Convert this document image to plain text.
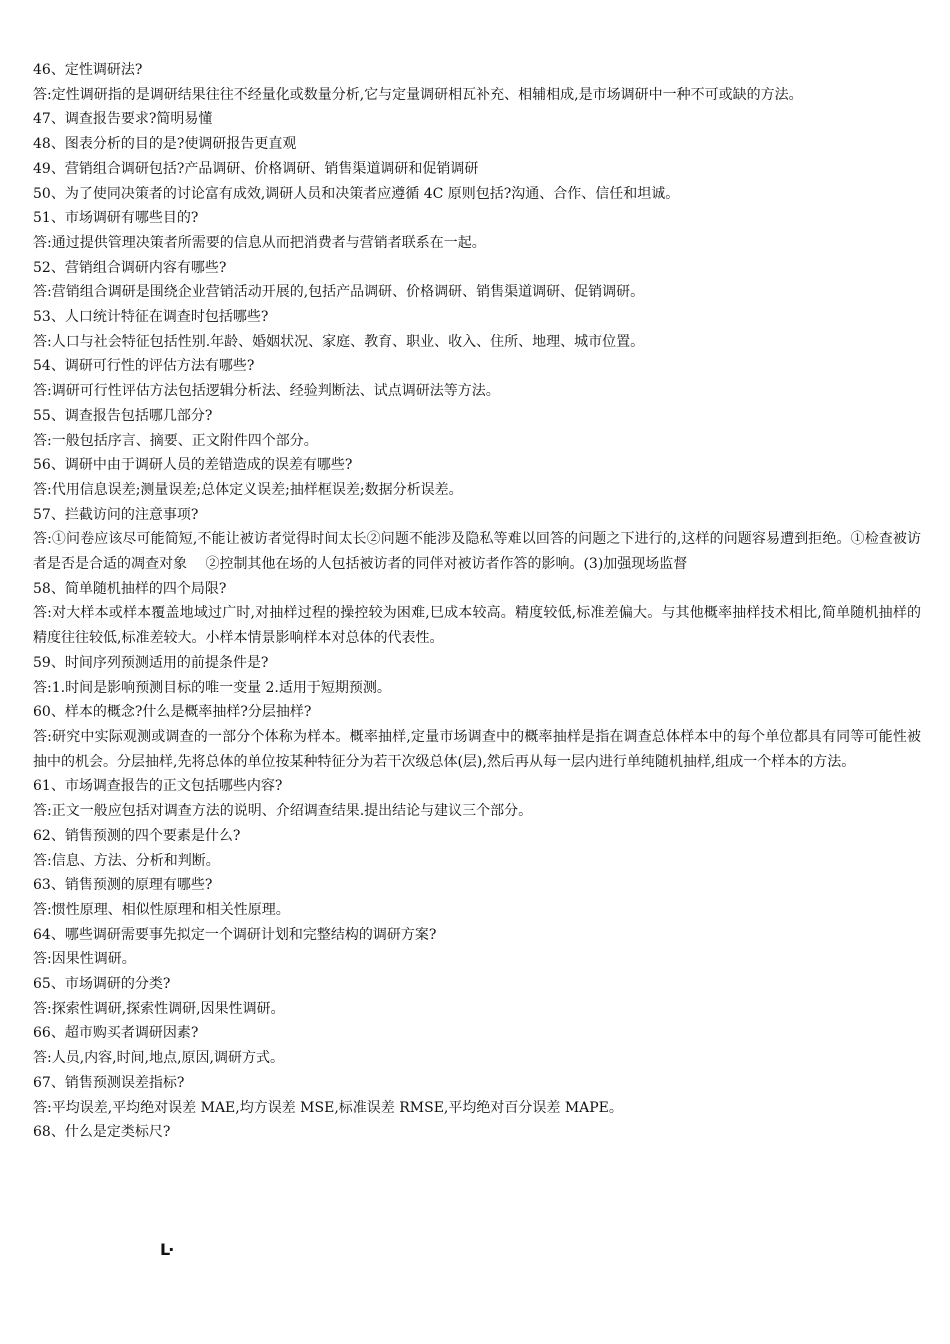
46、定性调研法?

答:定性调研指的是调研结果往往不经量化或数量分析,它与定量调研相瓦补充、相辅相成,是市场调研中一种不可或缺的方法。

47、调查报告要求?简明易懂

48、图表分析的目的是?使调研报告更直观

49、营销组合调研包括?产品调研、价格调研、销售渠道调研和促销调研

50、为了使同决策者的讨论富有成效,调研人员和决策者应遵循 4C 原则包括?沟通、合作、信任和坦诚。

51、市场调研有哪些目的?

答:通过提供管理决策者所需要的信息从而把消费者与营销者联系在一起。

52、营销组合调研内容有哪些?

答:营销组合调研是围绕企业营销活动开展的,包括产品调研、价格调研、销售渠道调研、促销调研。

53、人口统计特征在调查时包括哪些?

答:人口与社会特征包括性别.年龄、婚姻状况、家庭、教育、职业、收入、住所、地理、城市位置。

54、调研可行性的评估方法有哪些?

答:调研可行性评估方法包括逻辑分析法、经验判断法、试点调研法等方法。

55、调查报告包括哪几部分?

答:一般包括序言、摘要、正文附件四个部分。

56、调研中由于调研人员的差错造成的误差有哪些?

答:代用信息误差;测量误差;总体定义误差;抽样框误差;数据分析误差。

57、拦截访问的注意事项?

答:①问卷应该尽可能简短,不能让被访者觉得时间太长②问题不能涉及隐私等难以回答的问题之下进行的,这样的问题容易遭到拒绝。①检查被访者是否是合适的凋查对象　 ②控制其他在场的人包括被访者的同伴对被访者作答的影响。(3)加强现场监督

58、简单随机抽样的四个局限?

答:对大样本或样本覆盖地域过广时,对抽样过程的操控较为困难,巳成本较高。精度较低,标准差偏大。与其他概率抽样技术相比,简单随机抽样的精度往往较低,标准差较大。小样本情景影响样本对总体的代表性。

59、时间序列预测适用的前提条件是?

答:1.时间是影响预测目标的唯一变量 2.适用于短期预测。

60、样本的概念?什么是概率抽样?分层抽样?

答:研究中实际观测或调查的一部分个体称为样本。概率抽样,定量市场调查中的概率抽样是指在调查总体样本中的每个单位都具有同等可能性被抽中的机会。分层抽样,先将总体的单位按某种特征分为若干次级总体(层),然后再从每一层内进行单纯随机抽样,组成一个样本的方法。

61、市场调查报告的正文包括哪些内容?

答:正文一般应包括对调查方法的说明、介绍调查结果.提出结论与建议三个部分。

62、销售预测的四个要素是什么?

答:信息、方法、分析和判断。

63、销售预测的原理有哪些?

答:惯性原理、相似性原理和相关性原理。

64、哪些调研需要事先拟定一个调研计划和完整结构的调研方案?

答:因果性调研。

65、市场调研的分类?

答:探索性调研,探索性调研,因果性调研。

66、超市购买者调研因素?

答:人员,内容,时间,地点,原因,调研方式。

67、销售预测误差指标?

答:平均误差,平均绝对误差 MAE,均方误差 MSE,标准误差 RMSE,平均绝对百分误差 MAPE。

68、什么是定类标尺?

L·
